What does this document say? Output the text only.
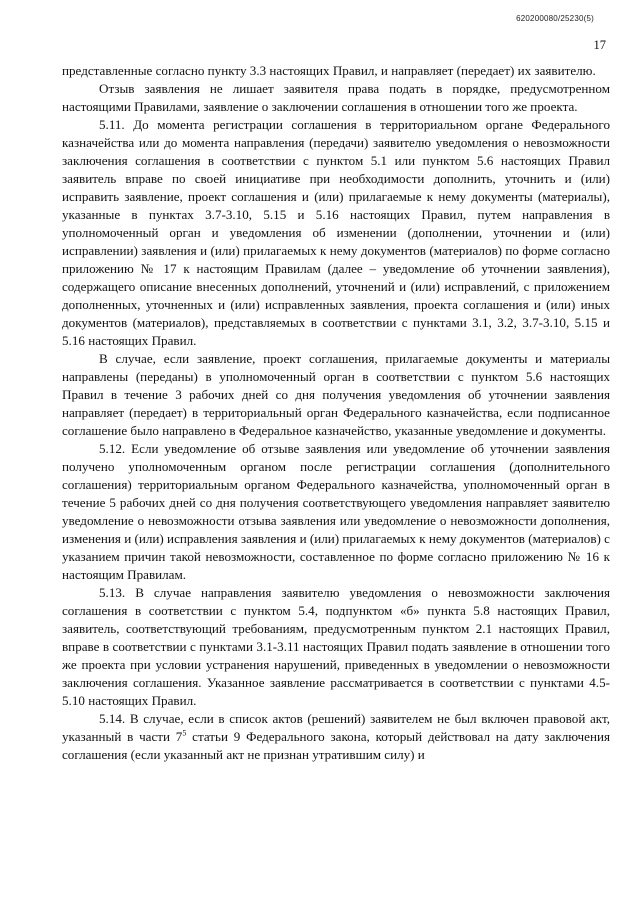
620200080/25230(5)
17

представленные согласно пункту 3.3 настоящих Правил, и направляет (передает) их заявителю.

Отзыв заявления не лишает заявителя права подать в порядке, предусмотренном настоящими Правилами, заявление о заключении соглашения в отношении того же проекта.

5.11. До момента регистрации соглашения в территориальном органе Федерального казначейства или до момента направления (передачи) заявителю уведомления о невозможности заключения соглашения в соответствии с пунктом 5.1 или пунктом 5.6 настоящих Правил заявитель вправе по своей инициативе при необходимости дополнить, уточнить и (или) исправить заявление, проект соглашения и (или) прилагаемые к нему документы (материалы), указанные в пунктах 3.7-3.10, 5.15 и 5.16 настоящих Правил, путем направления в уполномоченный орган и уведомления об изменении (дополнении, уточнении и (или) исправлении) заявления и (или) прилагаемых к нему документов (материалов) по форме согласно приложению № 17 к настоящим Правилам (далее – уведомление об уточнении заявления), содержащего описание внесенных дополнений, уточнений и (или) исправлений, с приложением дополненных, уточненных и (или) исправленных заявления, проекта соглашения и (или) иных документов (материалов), представляемых в соответствии с пунктами 3.1, 3.2, 3.7-3.10, 5.15 и 5.16 настоящих Правил.

В случае, если заявление, проект соглашения, прилагаемые документы и материалы направлены (переданы) в уполномоченный орган в соответствии с пунктом 5.6 настоящих Правил в течение 3 рабочих дней со дня получения уведомления об уточнении заявления направляет (передает) в территориальный орган Федерального казначейства, если подписанное соглашение было направлено в Федеральное казначейство, указанные уведомление и документы.

5.12. Если уведомление об отзыве заявления или уведомление об уточнении заявления получено уполномоченным органом после регистрации соглашения (дополнительного соглашения) территориальным органом Федерального казначейства, уполномоченный орган в течение 5 рабочих дней со дня получения соответствующего уведомления направляет заявителю уведомление о невозможности отзыва заявления или уведомление о невозможности дополнения, изменения и (или) исправления заявления и (или) прилагаемых к нему документов (материалов) с указанием причин такой невозможности, составленное по форме согласно приложению № 16 к настоящим Правилам.

5.13. В случае направления заявителю уведомления о невозможности заключения соглашения в соответствии с пунктом 5.4, подпунктом «б» пункта 5.8 настоящих Правил, заявитель, соответствующий требованиям, предусмотренным пунктом 2.1 настоящих Правил, вправе в соответствии с пунктами 3.1-3.11 настоящих Правил подать заявление в отношении того же проекта при условии устранения нарушений, приведенных в уведомлении о невозможности заключения соглашения. Указанное заявление рассматривается в соответствии с пунктами 4.5-5.10 настоящих Правил.

5.14. В случае, если в список актов (решений) заявителем не был включен правовой акт, указанный в части $7^5$ статьи 9 Федерального закона, который действовал на дату заключения соглашения (если указанный акт не признан утратившим силу) и
